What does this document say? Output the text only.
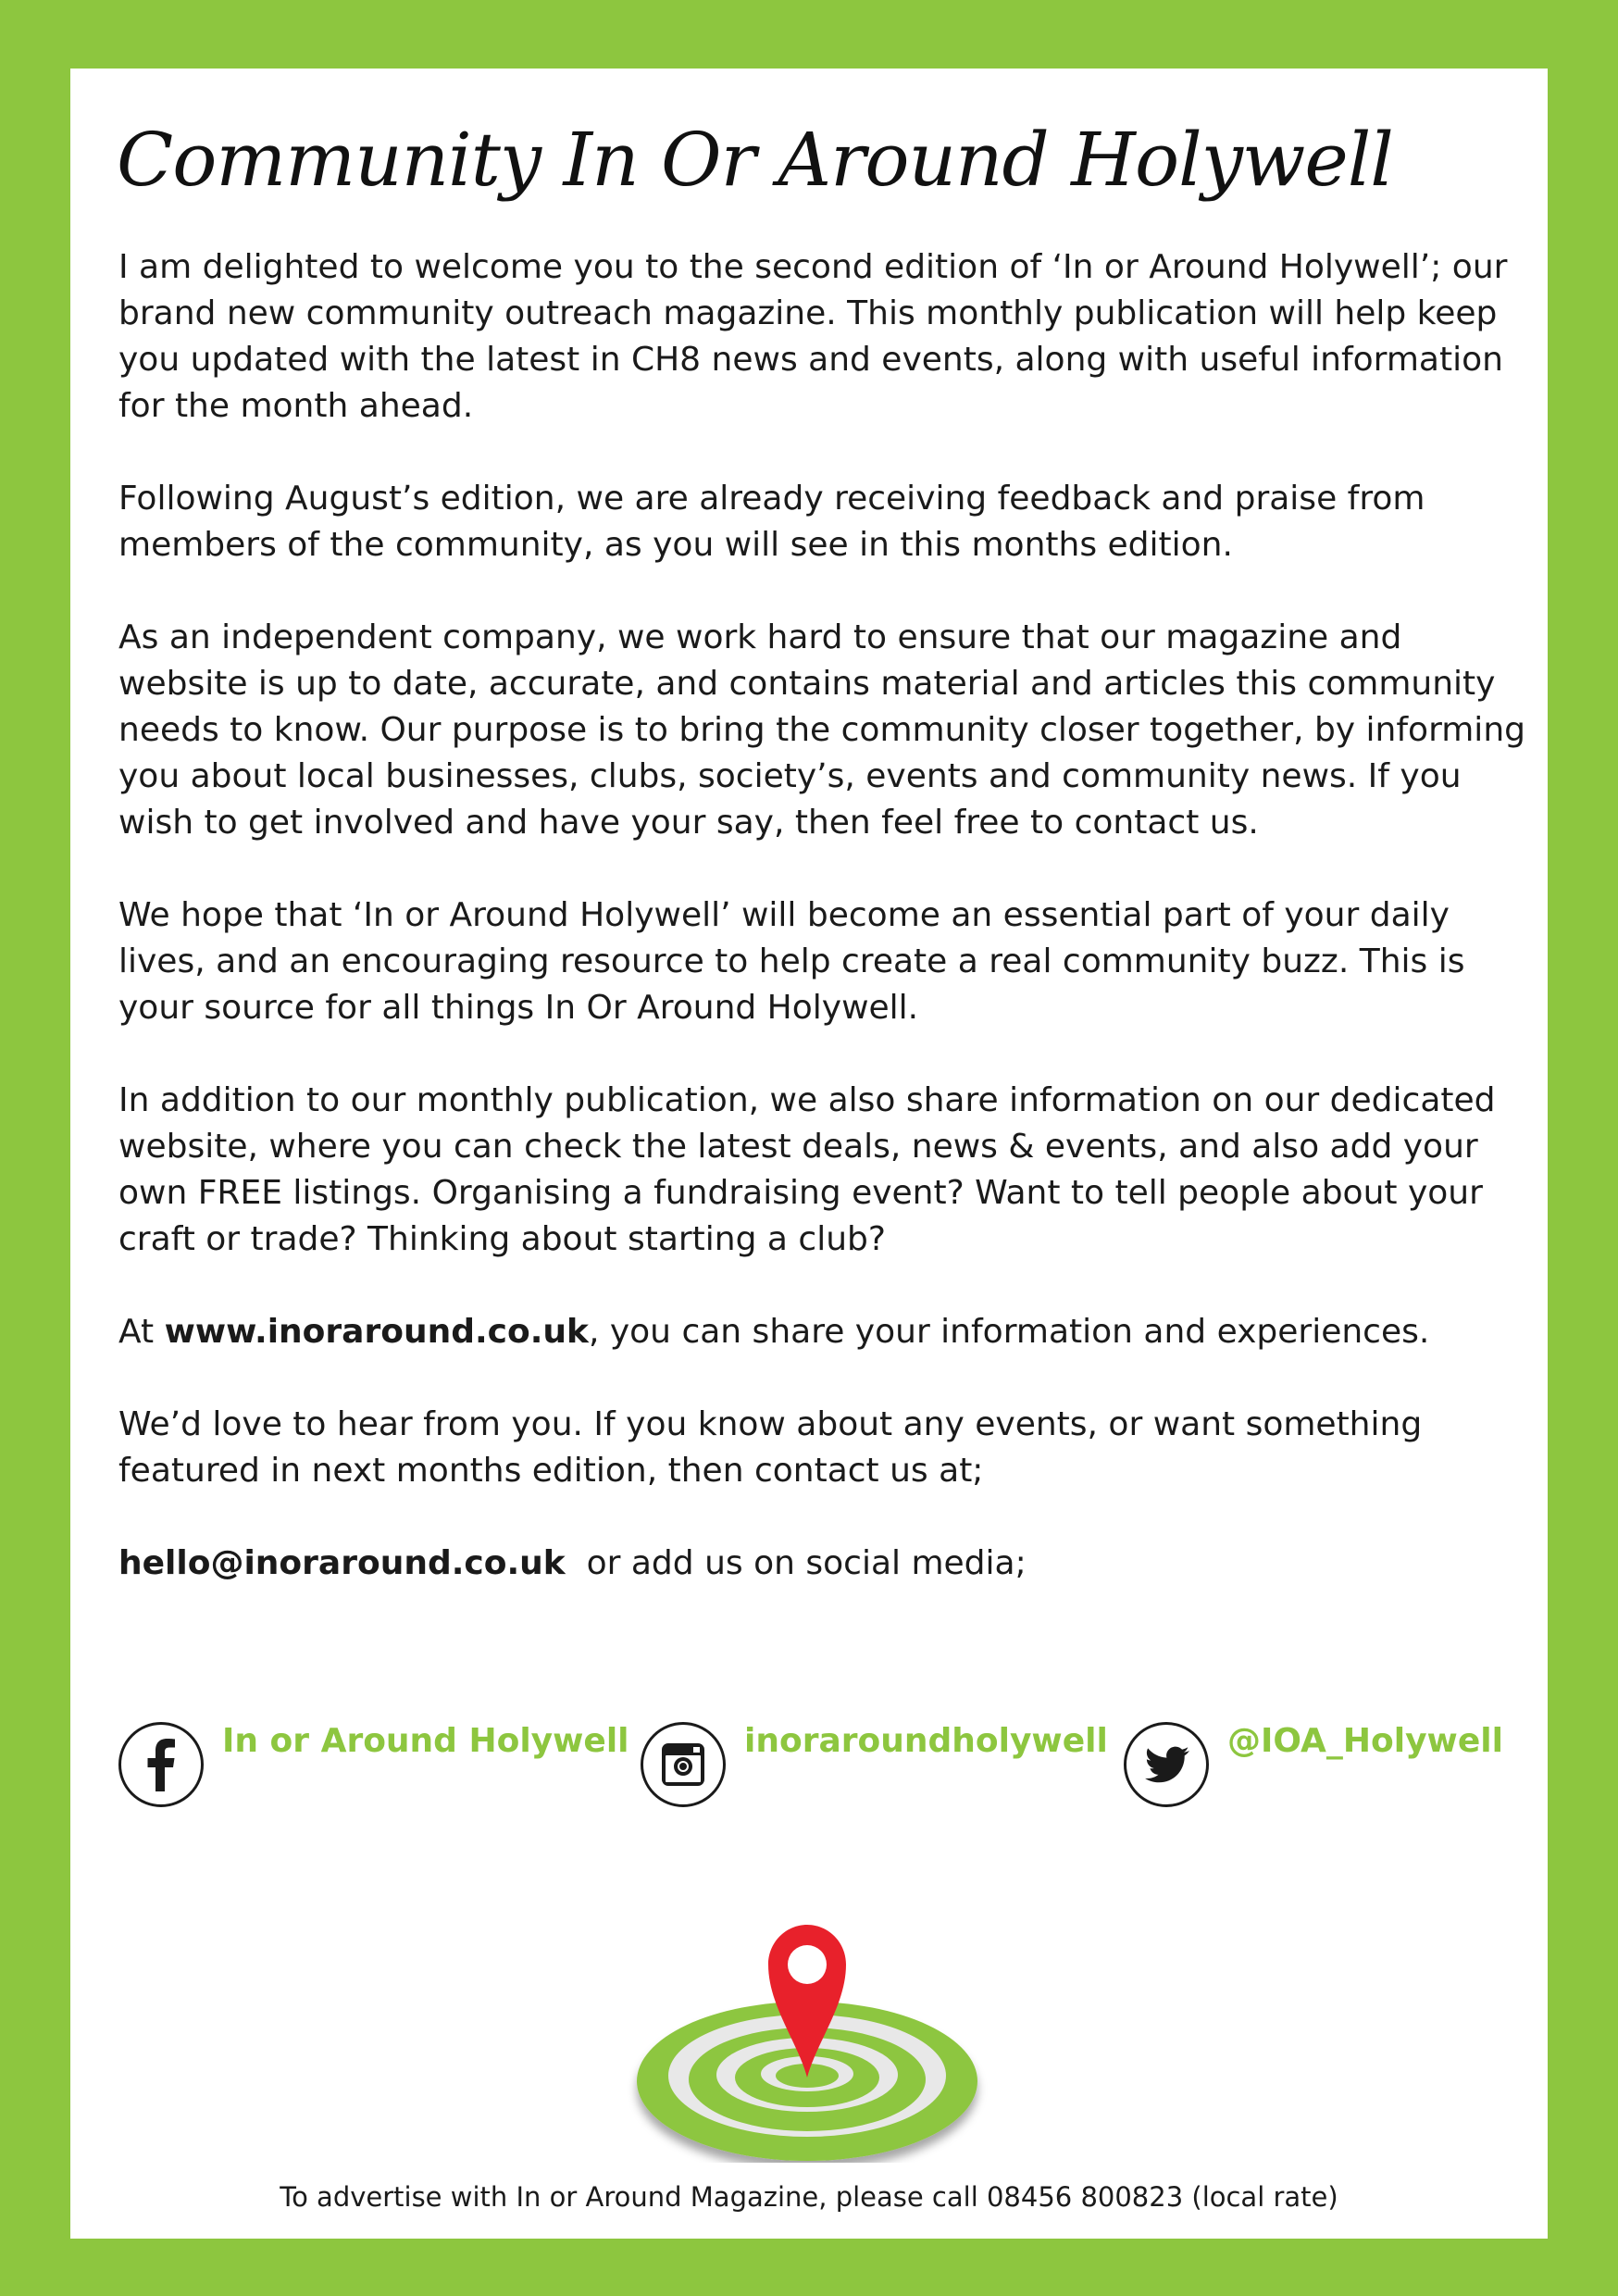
Community In Or Around Holywell

I am delighted to welcome you to the second edition of ‘In or Around Holywell’; our brand new community outreach magazine. This monthly publication will help keep you updated with the latest in CH8 news and events, along with useful information for the month ahead.

Following August’s edition, we are already receiving feedback and praise from members of the community, as you will see in this months edition.

As an independent company, we work hard to ensure that our magazine and website is up to date, accurate, and contains material and articles this community needs to know. Our purpose is to bring the community closer together, by informing you about local businesses, clubs, society’s, events and community news. If you wish to get involved and have your say, then feel free to contact us.

We hope that ‘In or Around Holywell’ will become an essential part of your daily lives, and an encouraging resource to help create a real community buzz. This is your source for all things In Or Around Holywell.

In addition to our monthly publication, we also share information on our dedicated website, where you can check the latest deals, news & events, and also add your own FREE listings. Organising a fundraising event? Want to tell people about your craft or trade? Thinking about starting a club?

At www.inoraround.co.uk, you can share your information and experiences.

We’d love to hear from you. If you know about any events, or want something featured in next months edition, then contact us at;

hello@inoraround.co.uk  or add us on social media;

In or Around Holywell	inoraroundholywell	@IOA_Holywell
To advertise with In or Around Magazine, please call 08456 800823 (local rate)
